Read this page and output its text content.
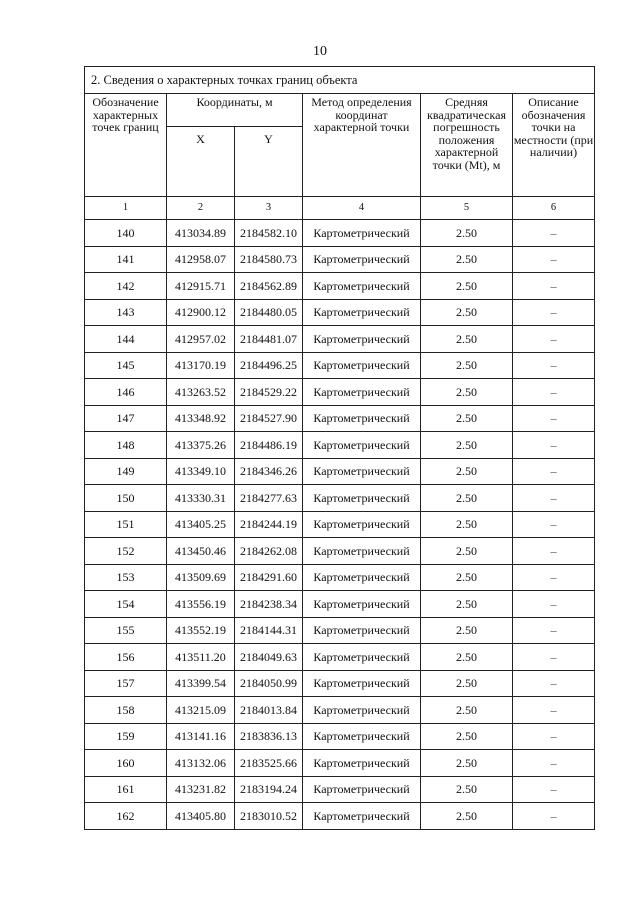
10
2. Сведения о характерных точках границ объекта					
Обозначение характерных точек границ	Координаты, м		Метод определения координат характерной точки	Средняя квадратическая погрешность положения характерной точки (Mt), м	Описание обозначения точки на местности (при наличии)
	X	Y			
1	2	3	4	5	6
140	413034.89	2184582.10	Картометрический	2.50	–
141	412958.07	2184580.73	Картометрический	2.50	–
142	412915.71	2184562.89	Картометрический	2.50	–
143	412900.12	2184480.05	Картометрический	2.50	–
144	412957.02	2184481.07	Картометрический	2.50	–
145	413170.19	2184496.25	Картометрический	2.50	–
146	413263.52	2184529.22	Картометрический	2.50	–
147	413348.92	2184527.90	Картометрический	2.50	–
148	413375.26	2184486.19	Картометрический	2.50	–
149	413349.10	2184346.26	Картометрический	2.50	–
150	413330.31	2184277.63	Картометрический	2.50	–
151	413405.25	2184244.19	Картометрический	2.50	–
152	413450.46	2184262.08	Картометрический	2.50	–
153	413509.69	2184291.60	Картометрический	2.50	–
154	413556.19	2184238.34	Картометрический	2.50	–
155	413552.19	2184144.31	Картометрический	2.50	–
156	413511.20	2184049.63	Картометрический	2.50	–
157	413399.54	2184050.99	Картометрический	2.50	–
158	413215.09	2184013.84	Картометрический	2.50	–
159	413141.16	2183836.13	Картометрический	2.50	–
160	413132.06	2183525.66	Картометрический	2.50	–
161	413231.82	2183194.24	Картометрический	2.50	–
162	413405.80	2183010.52	Картометрический	2.50	–
